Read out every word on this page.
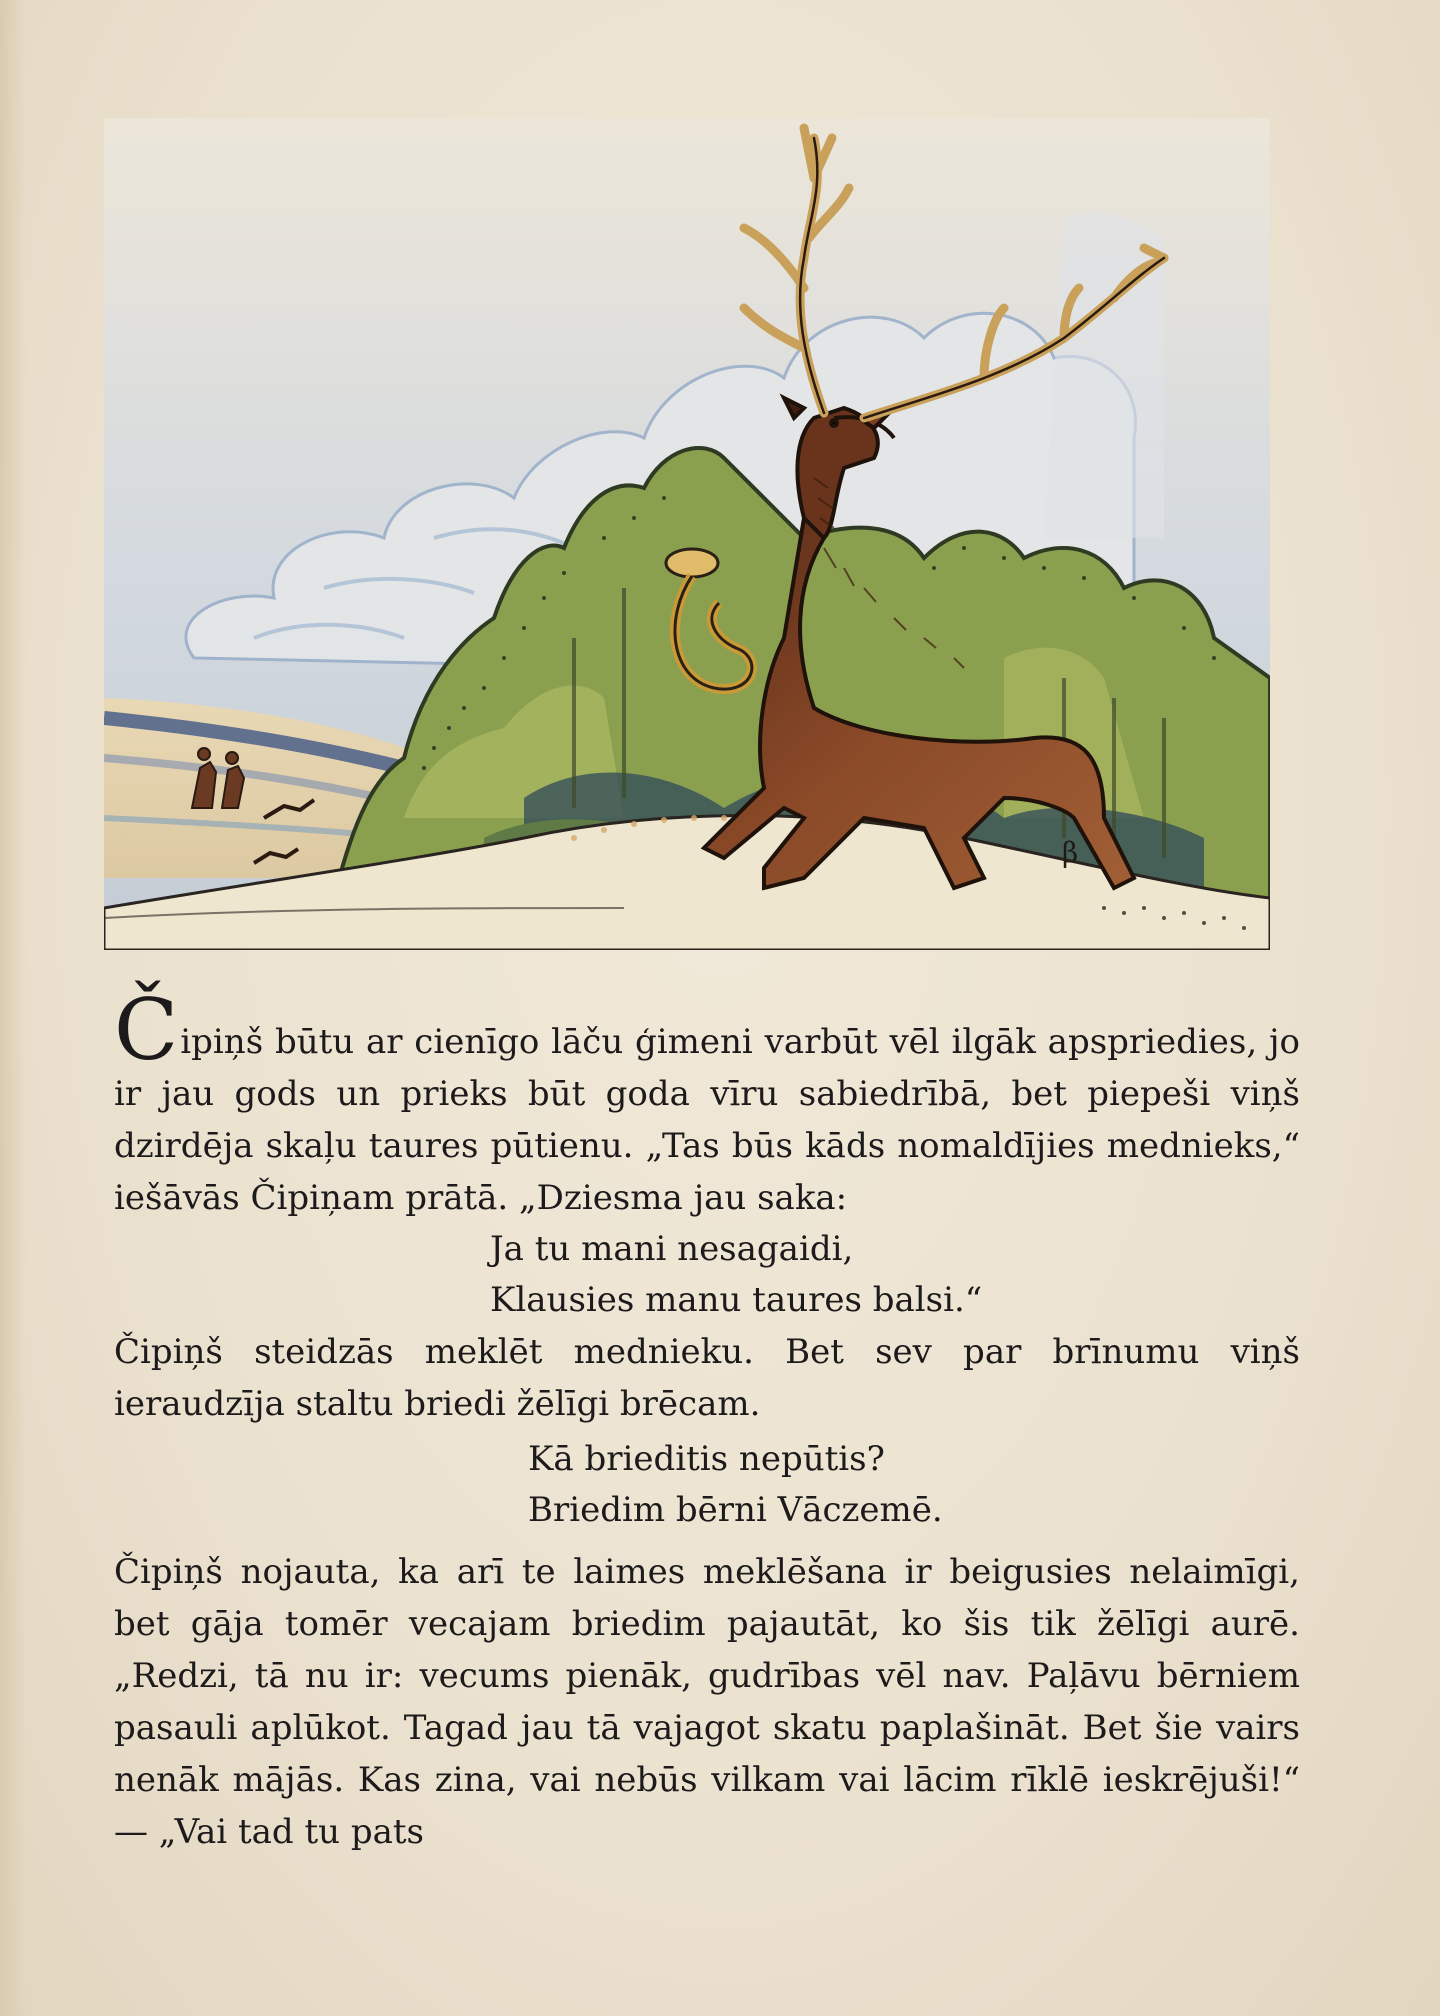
β

Čipiņš būtu ar cienīgo lāču ģimeni varbūt vēl ilgāk apspriedies, jo ir jau gods un prieks būt goda vīru sabiedrībā, bet piepeši viņš dzirdēja skaļu taures pūtienu. „Tas būs kāds nomaldījies mednieks,“ iešāvās Čipiņam prātā. „Dziesma jau saka:

Ja tu mani nesagaidi,
Klausies manu taures balsi.“

Čipiņš steidzās meklēt mednieku. Bet sev par brīnumu viņš ieraudzīja staltu briedi žēlīgi brēcam.

Kā brieditis nepūtis?
Briedim bērni Vāczemē.

Čipiņš nojauta, ka arī te laimes meklēšana ir beigusies nelaimīgi, bet gāja tomēr vecajam briedim pajautāt, ko šis tik žēlīgi aurē. „Redzi, tā nu ir: vecums pienāk, gudrības vēl nav. Paļāvu bērniem pasauli aplūkot. Tagad jau tā vajagot skatu paplašināt. Bet šie vairs nenāk mājās. Kas zina, vai nebūs vilkam vai lācim rīklē ieskrējuši!“ — „Vai tad tu pats
